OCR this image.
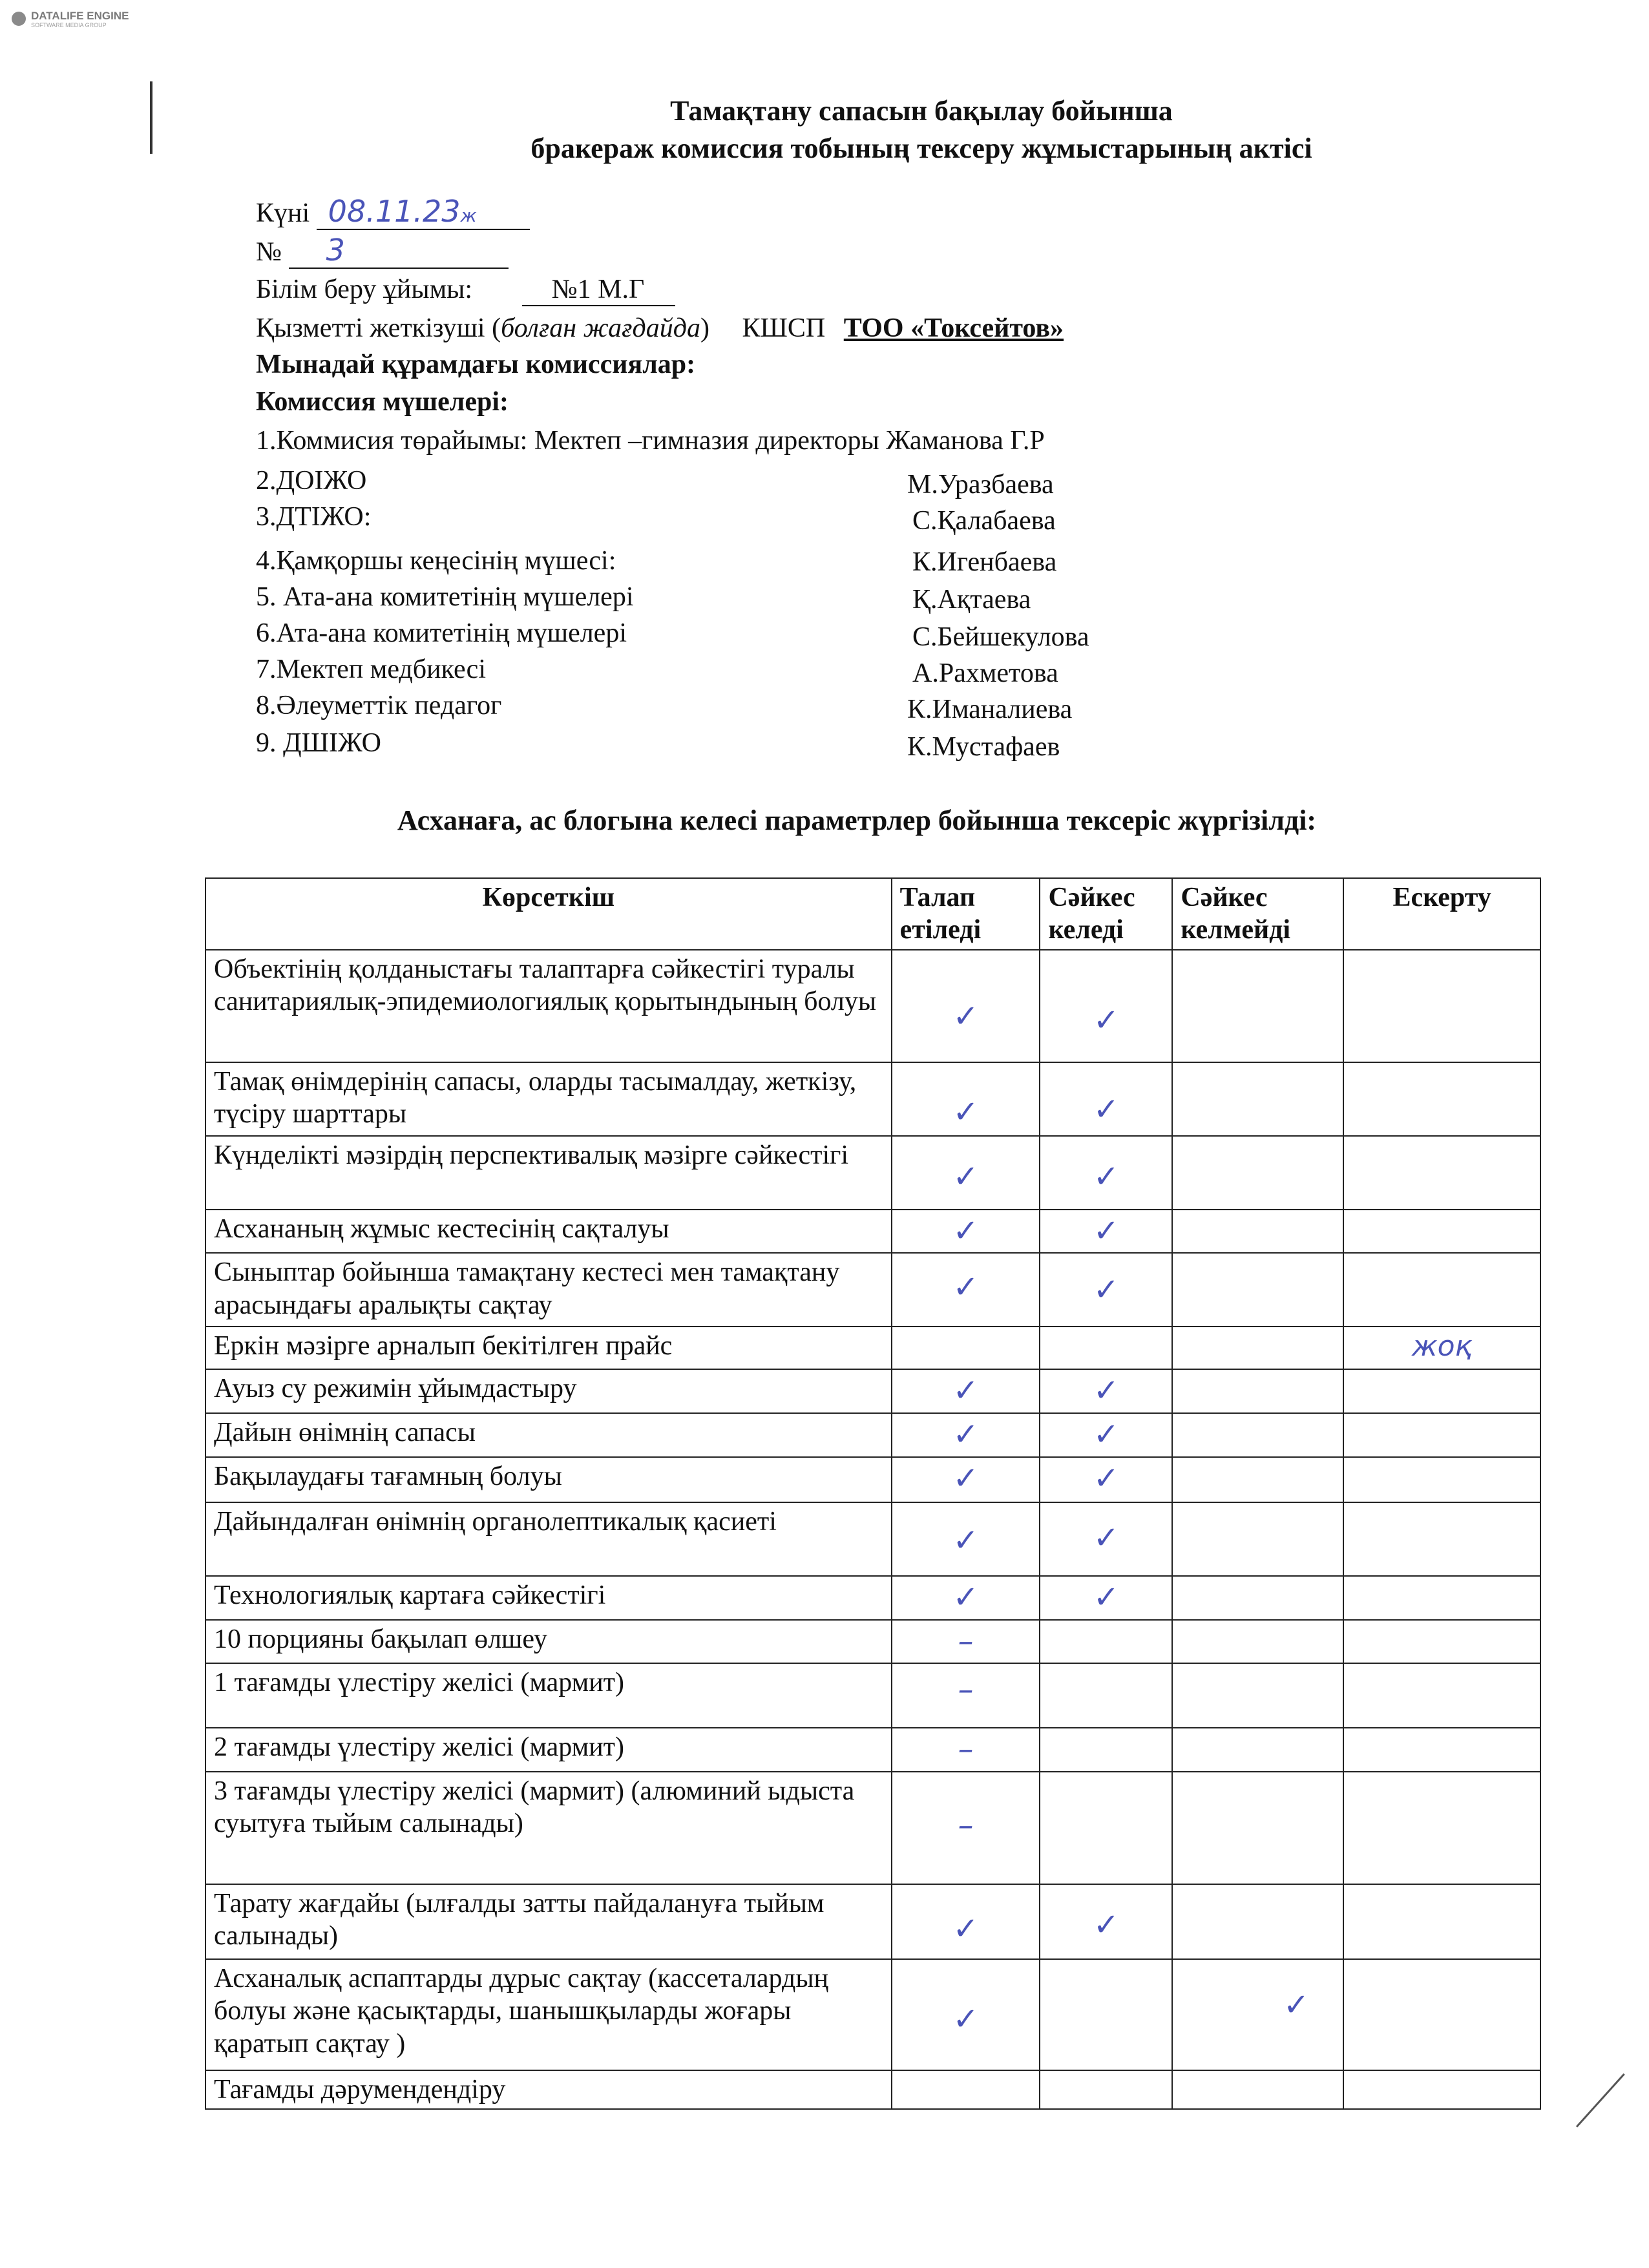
DATALIFE ENGINE
SOFTWARE MEDIA GROUP
Тамақтану сапасын бақылау бойынша
бракераж комиссия тобының тексеру жұмыстарының актісі
Күні 08.11.23ж
№ 3
Білім беру ұйымы:	№1 М.Г
Қызметті жеткізуші (болған жағдайда) КШСП ТОО «Токсейтов»
Мынадай құрамдағы комиссиялар:
Комиссия мүшелері:
1.Коммисия төрайымы: Мектеп –гимназия директоры Жаманова Г.Р
2.ДОІЖО	М.Уразбаева
3.ДТІЖО:	С.Қалабаева
4.Қамқоршы кеңесінің мүшесі:	К.Игенбаева
5. Ата-ана комитетінің мүшелері	Қ.Ақтаева
6.Ата-ана комитетінің мүшелері	С.Бейшекулова
7.Мектеп медбикесі	А.Рахметова
8.Әлеуметтік педагог	К.Иманалиева
9. ДШІЖО	К.Мустафаев
Асханаға, ас блогына келесі параметрлер бойынша тексеріс жүргізілді:
Көрсеткіш	Талап етіледі	Сәйкес келеді	Сәйкес келмейді	Ескерту
Объектінің қолданыстағы талаптарға сәйкестігі туралы санитариялық-эпидемиологиялық қорытындының болуы	✓	✓		

Тамақ өнімдерінің сапасы, оларды тасымалдау, жеткізу, түсіру шарттары	✓	✓		

Күнделікті мәзірдің перспективалық мәзірге сәйкестігі	✓	✓		

Асхананың жұмыс кестесінің сақталуы	✓	✓		

Сыныптар бойынша тамақтану кестесі мен тамақтану арасындағы аралықты сақтау	✓	✓		

Еркін мәзірге арналып бекітілген прайс				жоқ

Ауыз су режимін ұйымдастыру	✓	✓		

Дайын өнімнің сапасы	✓	✓		

Бақылаудағы тағамның болуы	✓	✓		

Дайындалған өнімнің органолептикалық қасиеті	✓	✓		

Технологиялық картаға сәйкестігі	✓	✓		

10 порцияны бақылап өлшеу	–			

1 тағамды үлестіру желісі (мармит)	–			

2 тағамды үлестіру желісі (мармит)	–			

3 тағамды үлестіру желісі (мармит) (алюминий ыдыста суытуға тыйым салынады)	–			

Тарату жағдайы (ылғалды затты пайдалануға тыйым салынады)	✓	✓		

Асханалық аспаптарды дұрыс сақтау (кассеталардың болуы және қасықтарды, шанышқыларды жоғары қаратып сақтау )	✓		✓	

Тағамды дәрумендендіру	
